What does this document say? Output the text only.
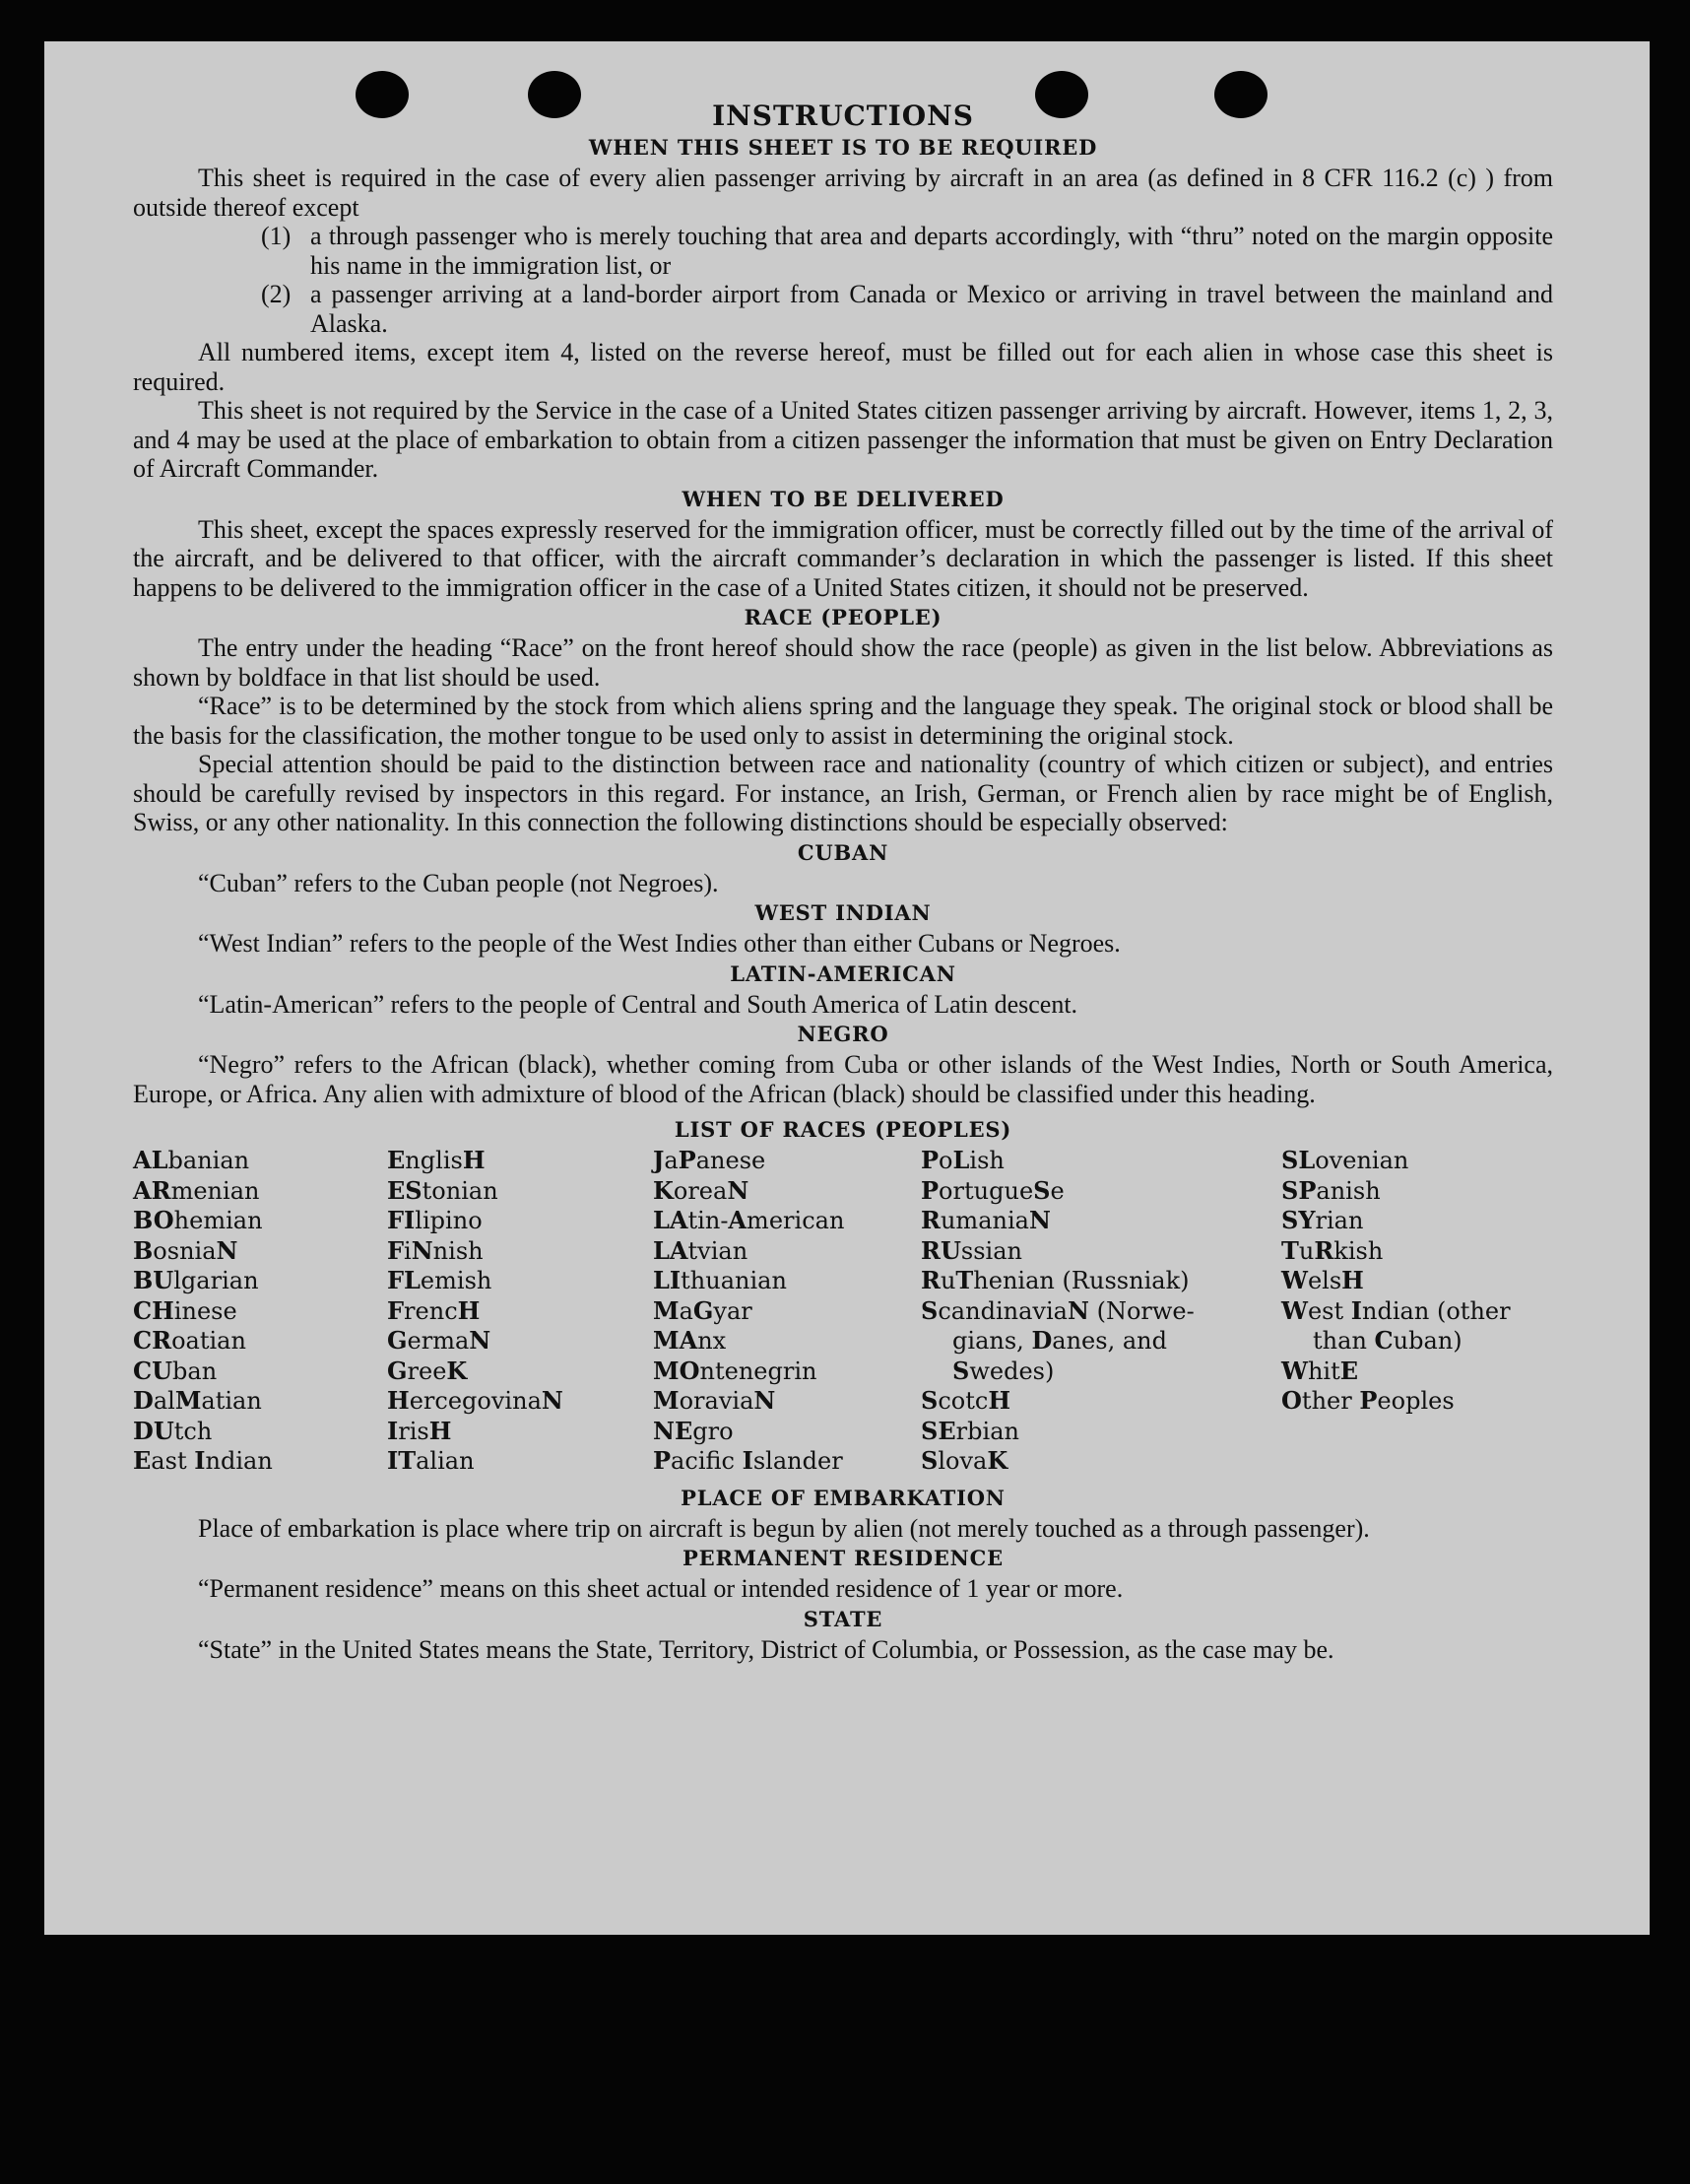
INSTRUCTIONS
WHEN THIS SHEET IS TO BE REQUIRED

This sheet is required in the case of every alien passenger arriving by aircraft in an area (as defined in 8 CFR 116.2 (c) ) from outside thereof except

(1) a through passenger who is merely touching that area and departs accordingly, with “thru” noted on the margin opposite his name in the immigration list, or
(2) a passenger arriving at a land-border airport from Canada or Mexico or arriving in travel between the mainland and Alaska.

All numbered items, except item 4, listed on the reverse hereof, must be filled out for each alien in whose case this sheet is required.

This sheet is not required by the Service in the case of a United States citizen passenger arriving by aircraft. However, items 1, 2, 3, and 4 may be used at the place of embarkation to obtain from a citizen passenger the information that must be given on Entry Declaration of Aircraft Commander.

WHEN TO BE DELIVERED

This sheet, except the spaces expressly reserved for the immigration officer, must be correctly filled out by the time of the arrival of the aircraft, and be delivered to that officer, with the aircraft commander’s declaration in which the passenger is listed. If this sheet happens to be delivered to the immigration officer in the case of a United States citizen, it should not be preserved.

RACE (PEOPLE)

The entry under the heading “Race” on the front hereof should show the race (people) as given in the list below. Abbreviations as shown by boldface in that list should be used.

“Race” is to be determined by the stock from which aliens spring and the language they speak. The original stock or blood shall be the basis for the classification, the mother tongue to be used only to assist in determining the original stock.

Special attention should be paid to the distinction between race and nationality (country of which citizen or subject), and entries should be carefully revised by inspectors in this regard. For instance, an Irish, German, or French alien by race might be of English, Swiss, or any other nationality. In this connection the following distinctions should be especially observed:

CUBAN

“Cuban” refers to the Cuban people (not Negroes).

WEST INDIAN

“West Indian” refers to the people of the West Indies other than either Cubans or Negroes.

LATIN-AMERICAN

“Latin-American” refers to the people of Central and South America of Latin descent.

NEGRO

“Negro” refers to the African (black), whether coming from Cuba or other islands of the West Indies, North or South America, Europe, or Africa. Any alien with admixture of blood of the African (black) should be classified under this heading.

LIST OF RACES (PEOPLES)
ALbanian
ARmenian
BOhemian
BosniaN
BUlgarian
CHinese
CRoatian
CUban
DalMatian
DUtch
East Indian
EnglisH
EStonian
FIlipino
FiNnish
FLemish
FrencH
GermaN
GreeK
HercegovinaN
IrisH
ITalian
JaPanese
KoreaN
LAtin-American
LAtvian
LIthuanian
MaGyar
MAnx
MOntenegrin
MoraviaN
NEgro
Pacifc Islander
PoLish
PortugueSe
RumaniaN
RUssian
RuThenian (Russniak)
ScandinaviaN (Norwe-
gians, Danes, and
Swedes)
ScotcH
SErbian
SlovaK
SLovenian
SPanish
SYrian
TuRkish
WelsH
West Indian (other
than Cuban)
WhitE
Other Peoples
PLACE OF EMBARKATION

Place of embarkation is place where trip on aircraft is begun by alien (not merely touched as a through passenger).

PERMANENT RESIDENCE

“Permanent residence” means on this sheet actual or intended residence of 1 year or more.

STATE

“State” in the United States means the State, Territory, District of Columbia, or Possession, as the case may be.
